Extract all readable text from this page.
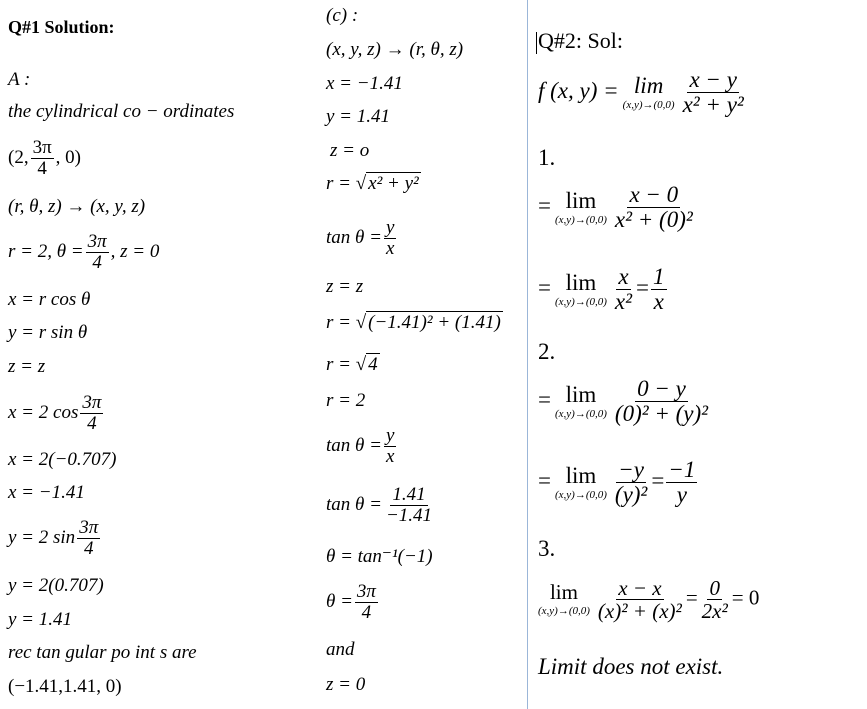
Q#1 Solution:
A :
the cylindrical co − ordinates
(2, $\frac{3\pi}{4}$ , 0)
(r, θ, z) → (x, y, z)
r = 2, $\theta = \frac{3\pi}{4}$ , z = 0
x = r cos θ
y = r sin θ
z = z
x = 2 $\cos \frac{3\pi}{4}$
x = 2(−0.707)
x = −1.41
y = 2 $\sin \frac{3\pi}{4}$
y = 2(0.707)
y = 1.41
rec tan gular po int s are
(−1.41,1.41, 0)
(c) :
(x, y, z) → (r, θ, z)
x = −1.41
y = 1.41
z = o
r = √ x² + y²
$\tan \theta = \frac{y}{x}$
z = z
r = √ (−1.41)² + (1.41)
r = √ 4
r = 2
$\tan \theta = \frac{y}{x}$
$\tan \theta = \frac{1.41}{-1.41}$
θ = tan⁻¹(−1)
$\theta = \frac{3\pi}{4}$
and
z = 0
Q#2: Sol:
f (x, y) = lim
$(x,y)\to(0,0) \frac{x - y}{\text{x² + y²}}$
1.
= lim
$(x,y)\to(0,0) \frac{x - 0}{\text{x² + (0)²}}$
= lim
$(x,y)\to(0,0) \frac{x}{\text{x²}} = \frac{1}{x}$
2.
= lim
$(x,y)\to(0,0) \frac{0 - y}{\text{(0)² + (y)²}}$
= lim
$(x,y)\to(0,0) \frac{-y}{\text{(y)²}} = \frac{-1}{y}$
3.
lim
$(x,y)\to(0,0) \frac{x - x}{\text{(x)² + (x)²}} = \frac{0}{\text{2x²}} = 0$
Limit does not exist.
